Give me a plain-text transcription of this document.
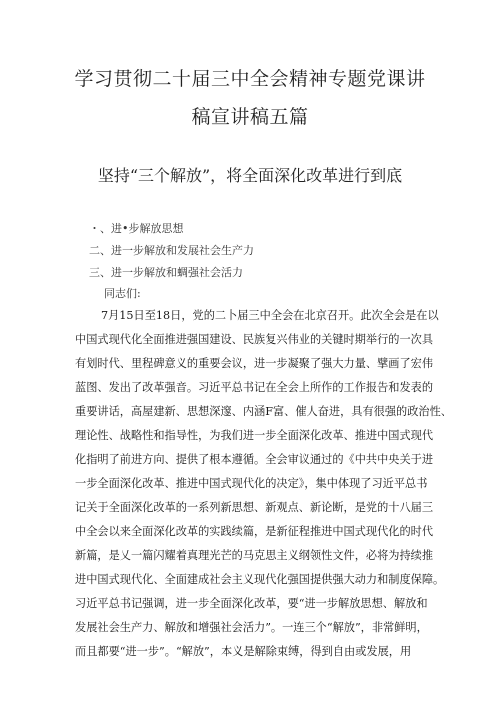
学习贯彻二十届三中全会精神专题党课讲
稿宣讲稿五篇
坚持“三个解放”，将全面深化改革进行到底
・、进•步解放思想
二、进一步解放和发展社会生产力
三、进一步解放和蜩强社会活力
同志们:
7月15日至18日，党的二卜届三中全会在北京召开。此次全会是在以
中国式现代化全面推进强国建设、民族复兴伟业的关键时期举行的一次具
有划时代、里程碑意义的重要会议，进一步凝聚了强大力量、擘画了宏伟
蓝图、发出了改革强音。习近平总书记在全会上所作的工作报告和发表的
重要讲话，高屋建新、思想深邃、内涵F富、催人奋进，具有很强的政治性、
理论性、战略性和指导性，为我们进一步全面深化改革、推进中国式现代
化指明了前进方向、提供了根本遵循。全会审议通过的《中共中央关于进
一步全面深化改革、推进中国式现代化的决定》，集中体现了习近平总书
记关于全面深化改革的一系列新思想、新观点、新论断，是党的十八届三
中全会以来全面深化改革的实践续篇，是新征程推进中国式现代化的时代
新篇，是乂一篇闪耀着真理光芒的马克思主义纲领性文件，必将为持续推
进中国式现代化、全面建成社会主义现代化强国提供强大动力和制度保障。
习近平总书记强调，进一步全面深化改革，要“进一步解放思想、解放和
发展社会生产力、解放和增强社会活力”。一连三个“解放”，非常鲜明，
而且都要“进一步”。“解放”，本义是解除束缚，得到自由或发展，用
